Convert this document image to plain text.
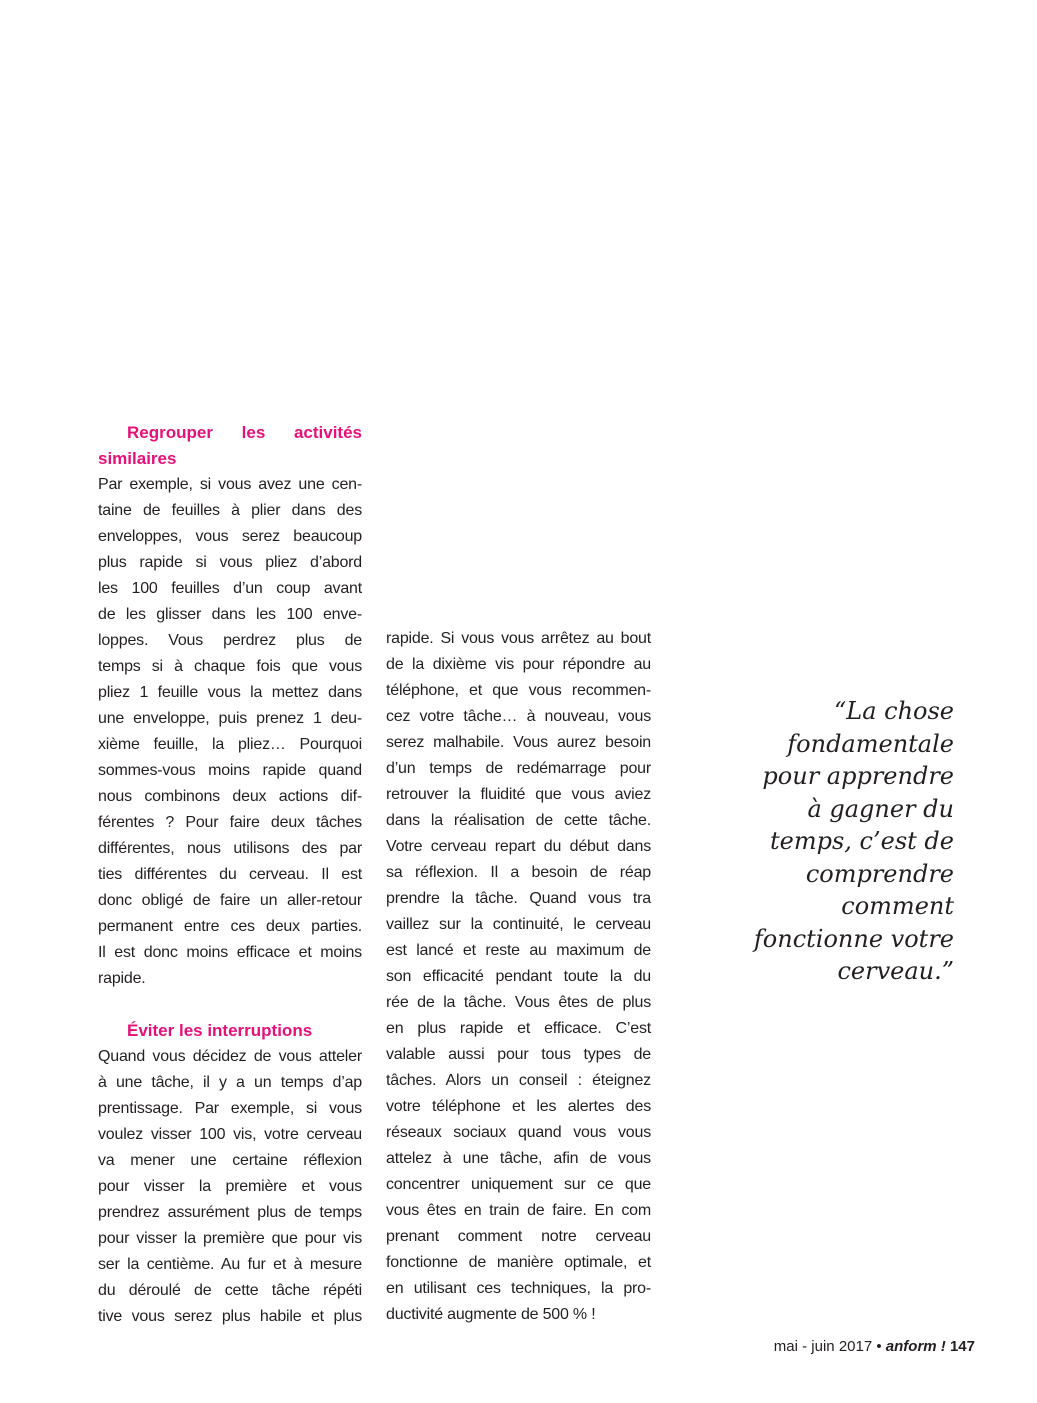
Regrouper les activités
similaires
Par exemple, si vous avez une cen-
taine de feuilles à plier dans des
enveloppes, vous serez beaucoup
plus rapide si vous pliez d’abord
les 100 feuilles d’un coup avant
de les glisser dans les 100 enve-
loppes. Vous perdrez plus de
temps si à chaque fois que vous
pliez 1 feuille vous la mettez dans
une enveloppe, puis prenez 1 deu-
xième feuille, la pliez… Pourquoi
sommes-vous moins rapide quand
nous combinons deux actions dif-
férentes ? Pour faire deux tâches
différentes, nous utilisons des par
ties différentes du cerveau. Il est
donc obligé de faire un aller-retour
permanent entre ces deux parties.
Il est donc moins efficace et moins
rapide.
Éviter les interruptions
Quand vous décidez de vous atteler
à une tâche, il y a un temps d’ap
prentissage. Par exemple, si vous
voulez visser 100 vis, votre cerveau
va mener une certaine réflexion
pour visser la première et vous
prendrez assurément plus de temps
pour visser la première que pour vis
ser la centième. Au fur et à mesure
du déroulé de cette tâche répéti
tive vous serez plus habile et plus
rapide. Si vous vous arrêtez au bout
de la dixième vis pour répondre au
téléphone, et que vous recommen-
cez votre tâche… à nouveau, vous
serez malhabile. Vous aurez besoin
d’un temps de redémarrage pour
retrouver la fluidité que vous aviez
dans la réalisation de cette tâche.
Votre cerveau repart du début dans
sa réflexion. Il a besoin de réap
prendre la tâche. Quand vous tra
vaillez sur la continuité, le cerveau
est lancé et reste au maximum de
son efficacité pendant toute la du
rée de la tâche. Vous êtes de plus
en plus rapide et efficace. C’est
valable aussi pour tous types de
tâches. Alors un conseil : éteignez
votre téléphone et les alertes des
réseaux sociaux quand vous vous
attelez à une tâche, afin de vous
concentrer uniquement sur ce que
vous êtes en train de faire. En com
prenant comment notre cerveau
fonctionne de manière optimale, et
en utilisant ces techniques, la pro-
ductivité augmente de 500 % !
“La chose
fondamentale
pour apprendre
à gagner du
temps, c’est de
comprendre
comment
fonctionne votre
cerveau.”
mai - juin 2017 • anform ! 147
